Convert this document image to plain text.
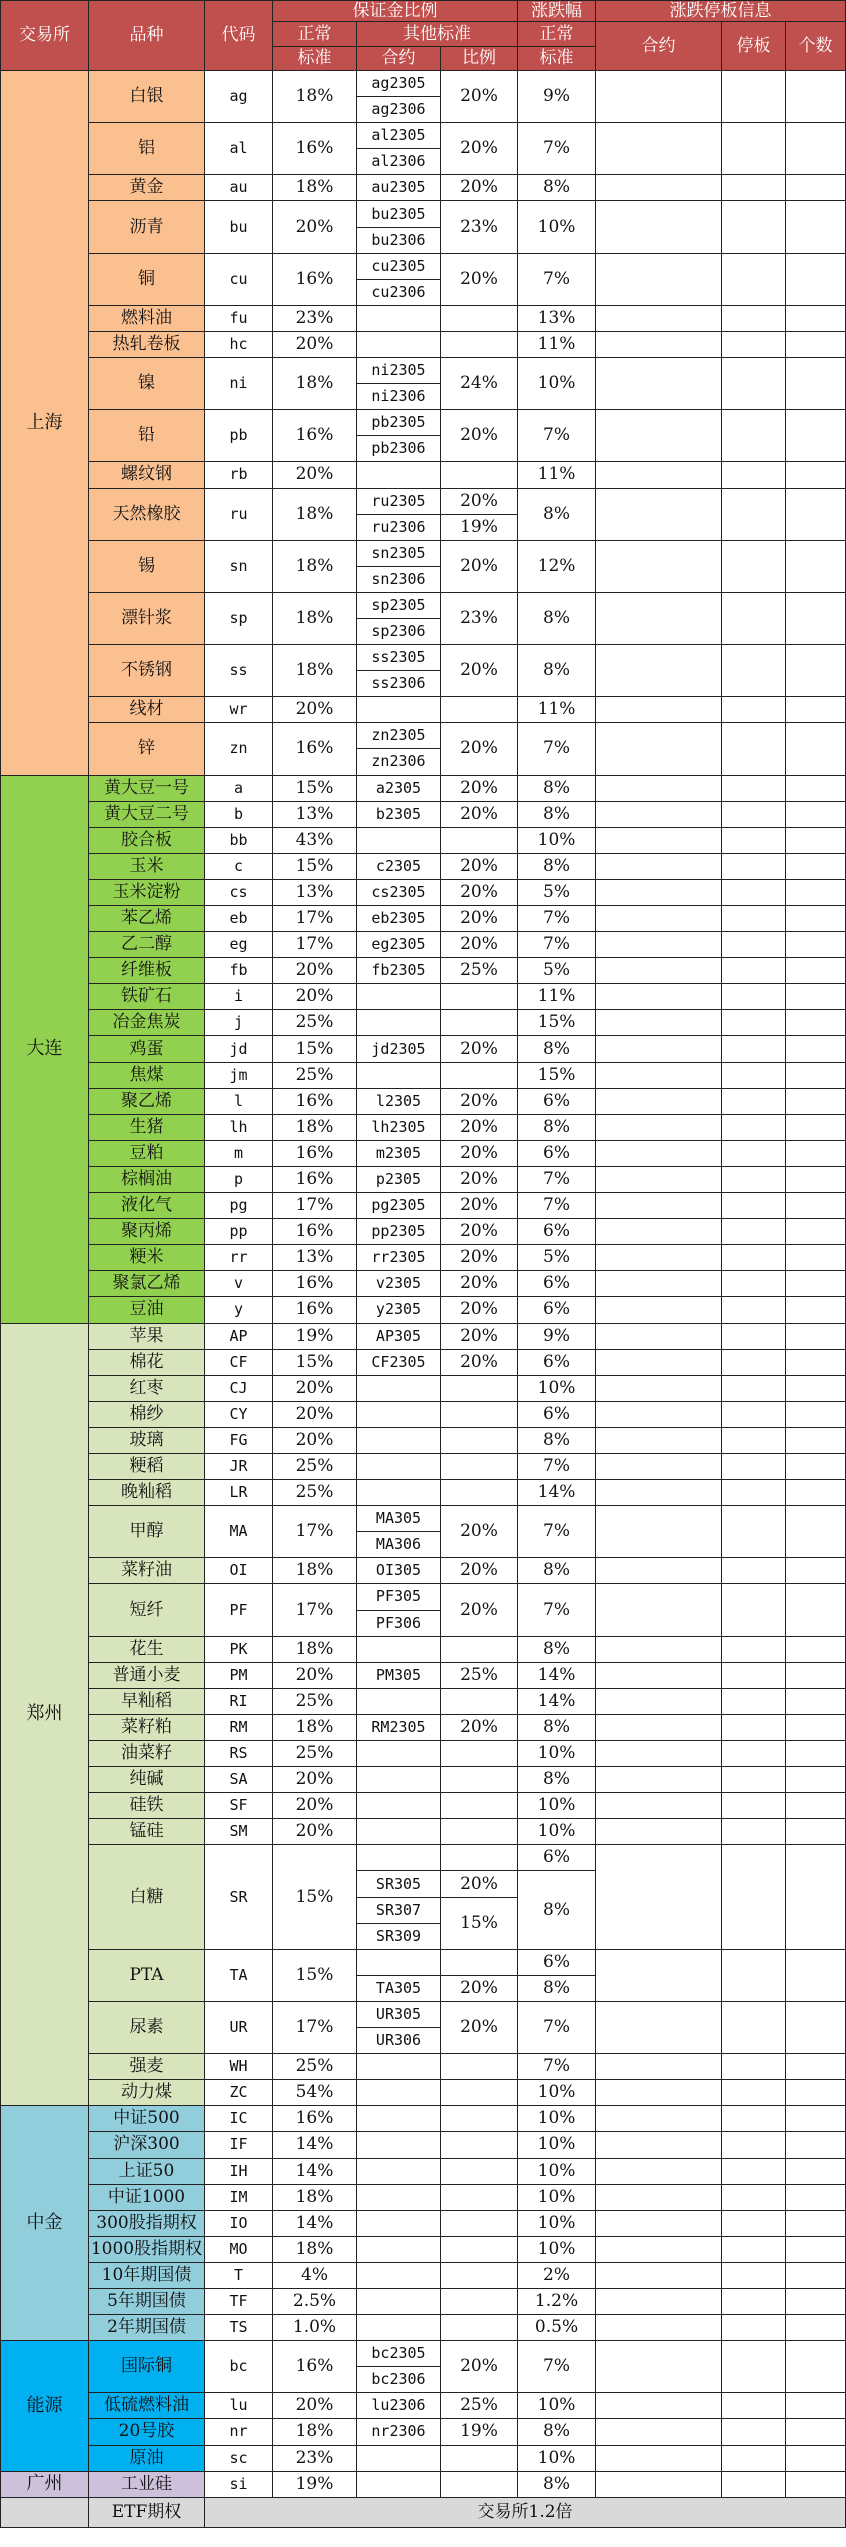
交易所	品种	代码	保证金比例			涨跌幅	涨跌停板信息		
			正常	其他标准		正常	合约	停板	个数
			标准	合约	比例	标准			
上海	白银	ag	18%	ag2305	20%	9%			
				ag2306					
	铝	al	16%	al2305	20%	7%			
				al2306					
	黄金	au	18%	au2305	20%	8%			
	沥青	bu	20%	bu2305	23%	10%			
				bu2306					
	铜	cu	16%	cu2305	20%	7%			
				cu2306					
	燃料油	fu	23%			13%			
	热轧卷板	hc	20%			11%			
	镍	ni	18%	ni2305	24%	10%			
				ni2306					
	铅	pb	16%	pb2305	20%	7%			
				pb2306					
	螺纹钢	rb	20%			11%			
	天然橡胶	ru	18%	ru2305	20%	8%			
				ru2306	19%				
	锡	sn	18%	sn2305	20%	12%			
				sn2306					
	漂针浆	sp	18%	sp2305	23%	8%			
				sp2306					
	不锈钢	ss	18%	ss2305	20%	8%			
				ss2306					
	线材	wr	20%			11%			
	锌	zn	16%	zn2305	20%	7%			
				zn2306					
大连	黄大豆一号	a	15%	a2305	20%	8%			
	黄大豆二号	b	13%	b2305	20%	8%			
	胶合板	bb	43%			10%			
	玉米	c	15%	c2305	20%	8%			
	玉米淀粉	cs	13%	cs2305	20%	5%			
	苯乙烯	eb	17%	eb2305	20%	7%			
	乙二醇	eg	17%	eg2305	20%	7%			
	纤维板	fb	20%	fb2305	25%	5%			
	铁矿石	i	20%			11%			
	冶金焦炭	j	25%			15%			
	鸡蛋	jd	15%	jd2305	20%	8%			
	焦煤	jm	25%			15%			
	聚乙烯	l	16%	l2305	20%	6%			
	生猪	lh	18%	lh2305	20%	8%			
	豆粕	m	16%	m2305	20%	6%			
	棕榈油	p	16%	p2305	20%	7%			
	液化气	pg	17%	pg2305	20%	7%			
	聚丙烯	pp	16%	pp2305	20%	6%			
	粳米	rr	13%	rr2305	20%	5%			
	聚氯乙烯	v	16%	v2305	20%	6%			
	豆油	y	16%	y2305	20%	6%			
郑州	苹果	AP	19%	AP305	20%	9%			
	棉花	CF	15%	CF2305	20%	6%			
	红枣	CJ	20%			10%			
	棉纱	CY	20%			6%			
	玻璃	FG	20%			8%			
	粳稻	JR	25%			7%			
	晚籼稻	LR	25%			14%			
	甲醇	MA	17%	MA305	20%	7%			
				MA306					
	菜籽油	OI	18%	OI305	20%	8%			
	短纤	PF	17%	PF305	20%	7%			
				PF306					
	花生	PK	18%			8%			
	普通小麦	PM	20%	PM305	25%	14%			
	早籼稻	RI	25%			14%			
	菜籽粕	RM	18%	RM2305	20%	8%			
	油菜籽	RS	25%			10%			
	纯碱	SA	20%			8%			
	硅铁	SF	20%			10%			
	锰硅	SM	20%			10%			
	白糖	SR	15%			6%			
				SR305	20%	8%			
				SR307	15%				
				SR309					
	PTA	TA	15%			6%			
				TA305	20%	8%			
	尿素	UR	17%	UR305	20%	7%			
				UR306					
	强麦	WH	25%			7%			
	动力煤	ZC	54%			10%			
中金	中证500	IC	16%			10%			
	沪深300	IF	14%			10%			
	上证50	IH	14%			10%			
	中证1000	IM	18%			10%			
	300股指期权	IO	14%			10%			
	1000股指期权	MO	18%			10%			
	10年期国债	T	4%			2%			
	5年期国债	TF	2.5%			1.2%			
	2年期国债	TS	1.0%			0.5%			
能源	国际铜	bc	16%	bc2305	20%	7%			
				bc2306					
	低硫燃料油	lu	20%	lu2306	25%	10%			
	20号胶	nr	18%	nr2306	19%	8%			
	原油	sc	23%			10%			
广州	工业硅	si	19%			8%			
	ETF期权	交易所1.2倍							
